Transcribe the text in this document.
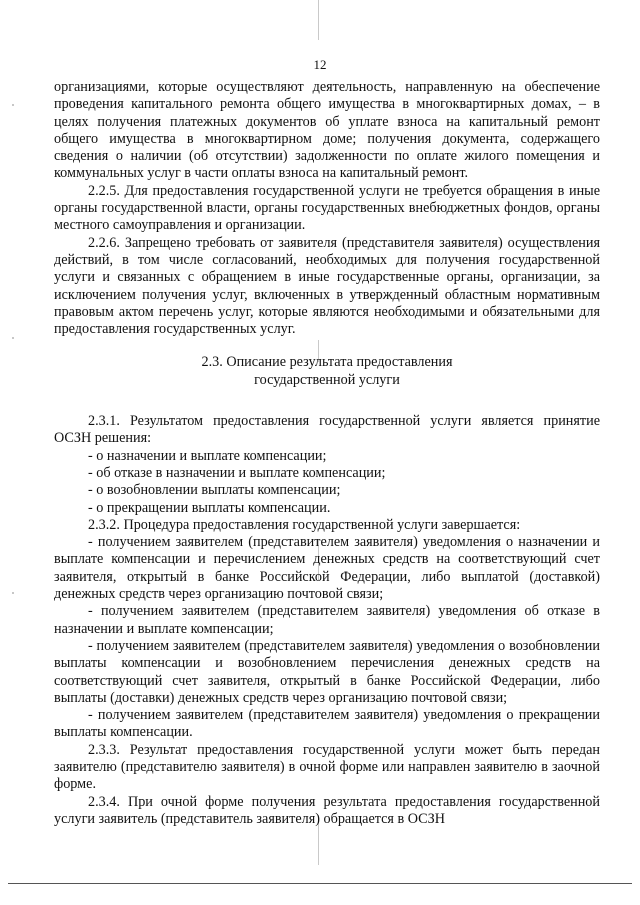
12

организациями, которые осуществляют деятельность, направленную на обеспечение проведения капитального ремонта общего имущества в многоквартирных домах, – в целях получения платежных документов об уплате взноса на капитальный ремонт общего имущества в многоквартирном доме; получения документа, содержащего сведения о наличии (об отсутствии) задолженности по оплате жилого помещения и коммунальных услуг в части оплаты взноса на капитальный ремонт.

2.2.5. Для предоставления государственной услуги не требуется обращения в иные органы государственной власти, органы государственных внебюджетных фондов, органы местного самоуправления и организации.

2.2.6. Запрещено требовать от заявителя (представителя заявителя) осуществления действий, в том числе согласований, необходимых для получения государственной услуги и связанных с обращением в иные государственные органы, организации, за исключением получения услуг, включенных в утвержденный областным нормативным правовым актом перечень услуг, которые являются необходимыми и обязательными для предоставления государственных услуг.

2.3. Описание результата предоставления
государственной услуги

2.3.1. Результатом предоставления государственной услуги является принятие ОСЗН решения:

- о назначении и выплате компенсации;

- об отказе в назначении и выплате компенсации;

- о возобновлении выплаты компенсации;

- о прекращении выплаты компенсации.

2.3.2. Процедура предоставления государственной услуги завершается:

- получением заявителем (представителем заявителя) уведомления о назначении и выплате компенсации и перечислением денежных средств на соответствующий счет заявителя, открытый в банке Российской Федерации, либо выплатой (доставкой) денежных средств через организацию почтовой связи;

- получением заявителем (представителем заявителя) уведомления об отказе в назначении и выплате компенсации;

- получением заявителем (представителем заявителя) уведомления о возобновлении выплаты компенсации и возобновлением перечисления денежных средств на соответствующий счет заявителя, открытый в банке Российской Федерации, либо выплаты (доставки) денежных средств через организацию почтовой связи;

- получением заявителем (представителем заявителя) уведомления о прекращении выплаты компенсации.

2.3.3. Результат предоставления государственной услуги может быть передан заявителю (представителю заявителя) в очной форме или направлен заявителю в заочной форме.

2.3.4. При очной форме получения результата предоставления государственной услуги заявитель (представитель заявителя) обращается в ОСЗН
